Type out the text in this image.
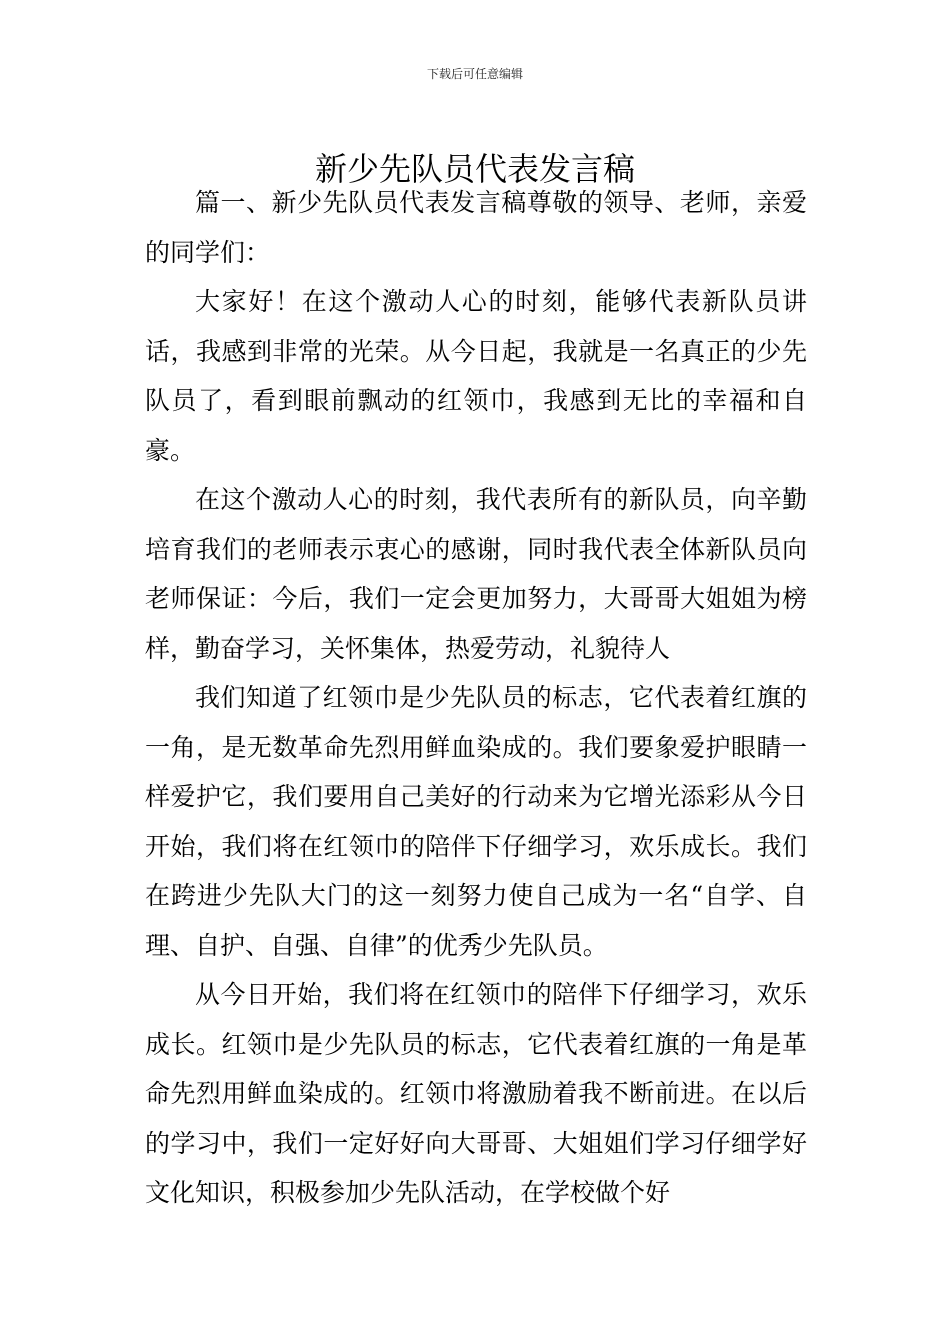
下载后可任意编辑
新少先队员代表发言稿

篇一、新少先队员代表发言稿尊敬的领导、老师，亲爱的同学们：

大家好！在这个激动人心的时刻，能够代表新队员讲话，我感到非常的光荣。从今日起，我就是一名真正的少先队员了，看到眼前飘动的红领巾，我感到无比的幸福和自豪。

在这个激动人心的时刻，我代表所有的新队员，向辛勤培育我们的老师表示衷心的感谢，同时我代表全体新队员向老师保证：今后，我们一定会更加努力，大哥哥大姐姐为榜样，勤奋学习，关怀集体，热爱劳动，礼貌待人

我们知道了红领巾是少先队员的标志，它代表着红旗的一角，是无数革命先烈用鲜血染成的。我们要象爱护眼睛一样爱护它，我们要用自己美好的行动来为它增光添彩从今日开始，我们将在红领巾的陪伴下仔细学习，欢乐成长。我们在跨进少先队大门的这一刻努力使自己成为一名“自学、自理、自护、自强、自律”的优秀少先队员。

从今日开始，我们将在红领巾的陪伴下仔细学习，欢乐成长。红领巾是少先队员的标志，它代表着红旗的一角是革命先烈用鲜血染成的。红领巾将激励着我不断前进。在以后的学习中，我们一定好好向大哥哥、大姐姐们学习仔细学好文化知识，积极参加少先队活动，在学校做个好
